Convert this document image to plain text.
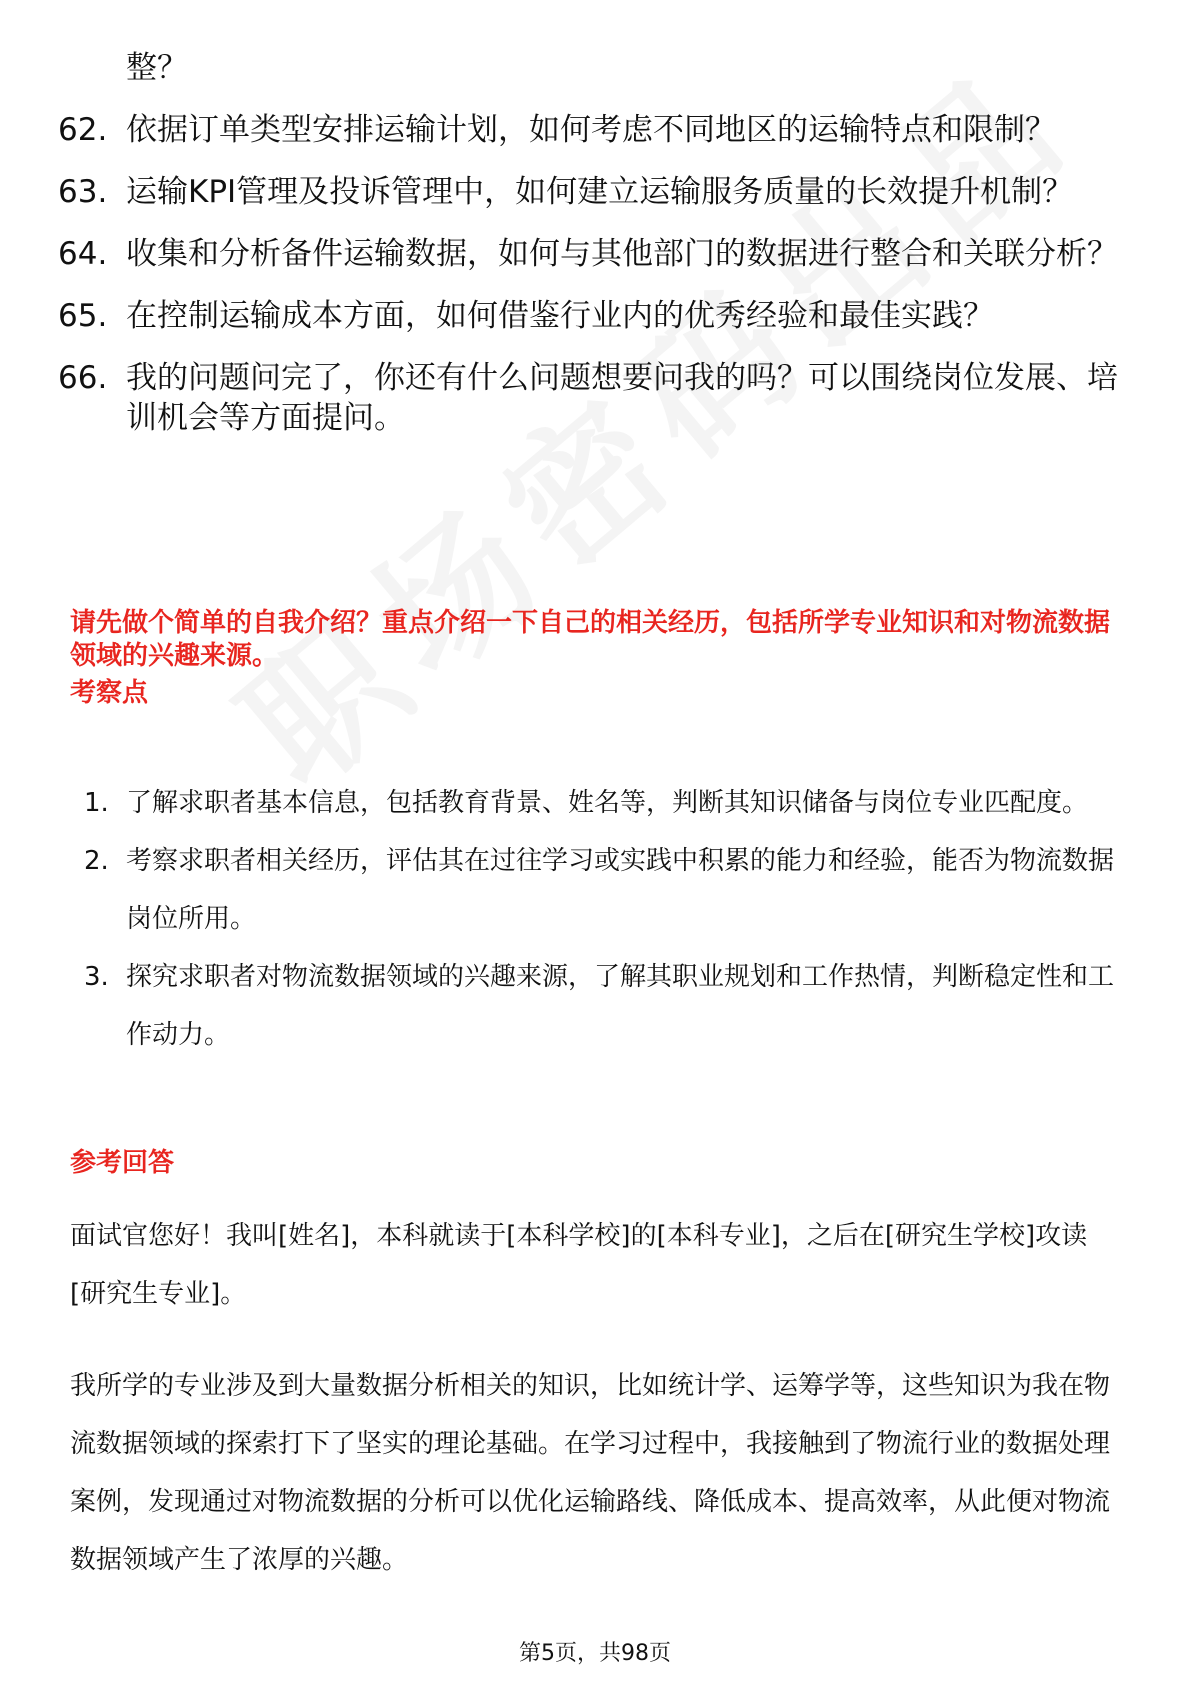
整？

62. 依据订单类型安排运输计划，如何考虑不同地区的运输特点和限制？
63. 运输KPI管理及投诉管理中，如何建立运输服务质量的长效提升机制？
64. 收集和分析备件运输数据，如何与其他部门的数据进行整合和关联分析？
65. 在控制运输成本方面，如何借鉴行业内的优秀经验和最佳实践？
66. 我的问题问完了，你还有什么问题想要问我的吗？可以围绕岗位发展、培训机会等方面提问。

请先做个简单的自我介绍？重点介绍一下自己的相关经历，包括所学专业知识和对物流数据领域的兴趣来源。

考察点

1. 了解求职者基本信息，包括教育背景、姓名等，判断其知识储备与岗位专业匹配度。
2. 考察求职者相关经历，评估其在过往学习或实践中积累的能力和经验，能否为物流数据岗位所用。
3. 探究求职者对物流数据领域的兴趣来源，了解其职业规划和工作热情，判断稳定性和工作动力。

参考回答

面试官您好！我叫[姓名]，本科就读于[本科学校]的[本科专业]，之后在[研究生学校]攻读[研究生专业]。

我所学的专业涉及到大量数据分析相关的知识，比如统计学、运筹学等，这些知识为我在物流数据领域的探索打下了坚实的理论基础。在学习过程中，我接触到了物流行业的数据处理案例，发现通过对物流数据的分析可以优化运输路线、降低成本、提高效率，从此便对物流数据领域产生了浓厚的兴趣。

第5页，共98页
